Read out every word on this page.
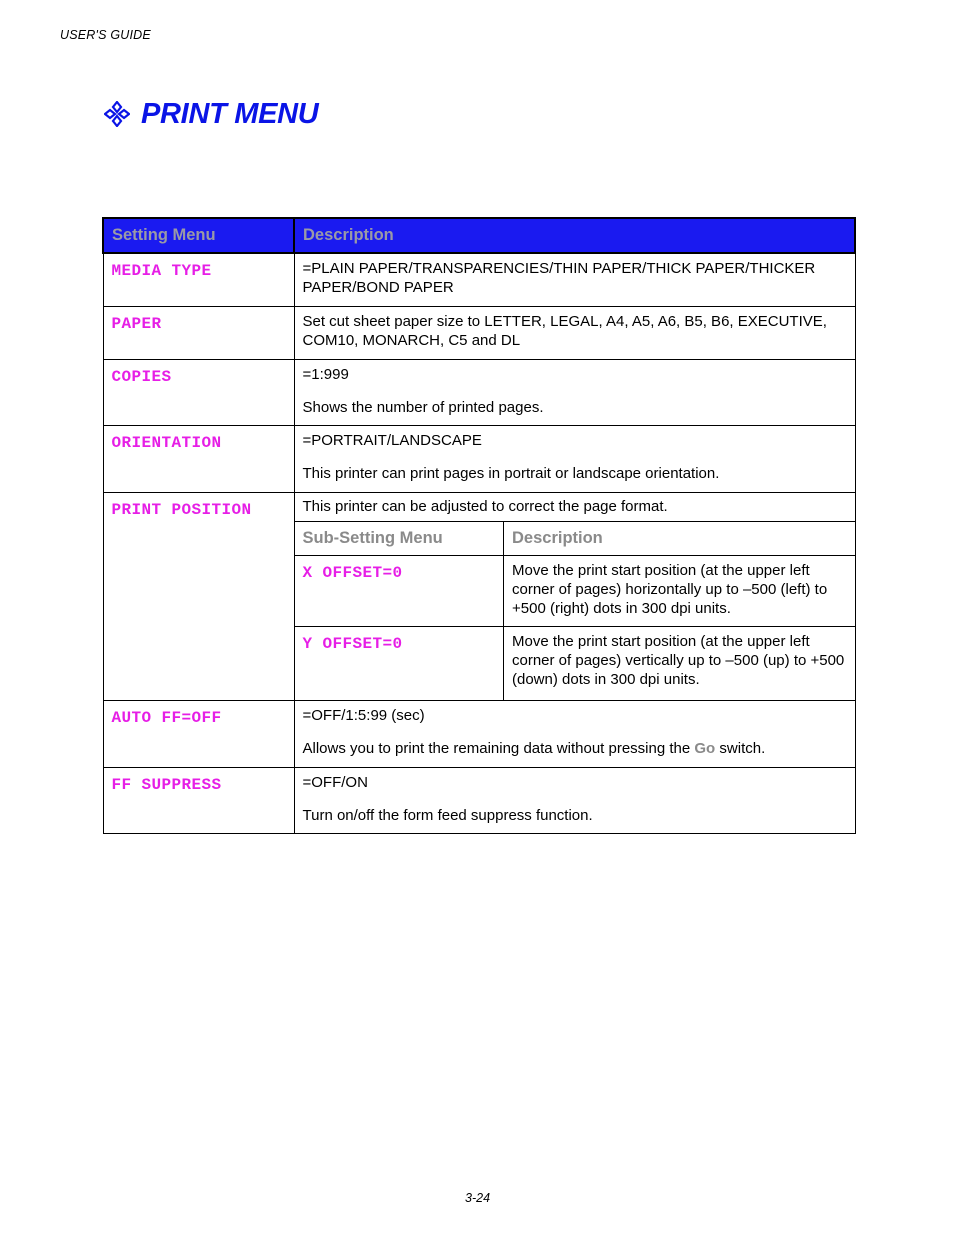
USER'S GUIDE
PRINT MENU
Setting Menu	Description
MEDIA TYPE	=PLAIN PAPER/TRANSPARENCIES/THIN PAPER/THICK PAPER/THICKER PAPER/BOND PAPER

PAPER	Set cut sheet paper size to LETTER, LEGAL, A4, A5, A6, B5, B6, EXECUTIVE, COM10, MONARCH, C5 and DL

COPIES	=1:999

Shows the number of printed pages.

ORIENTATION	=PORTRAIT/LANDSCAPE

This printer can print pages in portrait or landscape orientation.

PRINT POSITION	This printer can be adjusted to correct the page format.
Sub-Setting Menu	Description
X OFFSET=0	Move the print start position (at the upper left corner of pages) horizontally up to –500 (left) to +500 (right) dots in 300 dpi units.
Y OFFSET=0	Move the print start position (at the upper left corner of pages) vertically up to –500 (up) to +500 (down) dots in 300 dpi units.

AUTO FF=OFF	=OFF/1:5:99 (sec)

Allows you to print the remaining data without pressing the Go switch.

FF SUPPRESS	=OFF/ON

Turn on/off the form feed suppress function.

3-24
